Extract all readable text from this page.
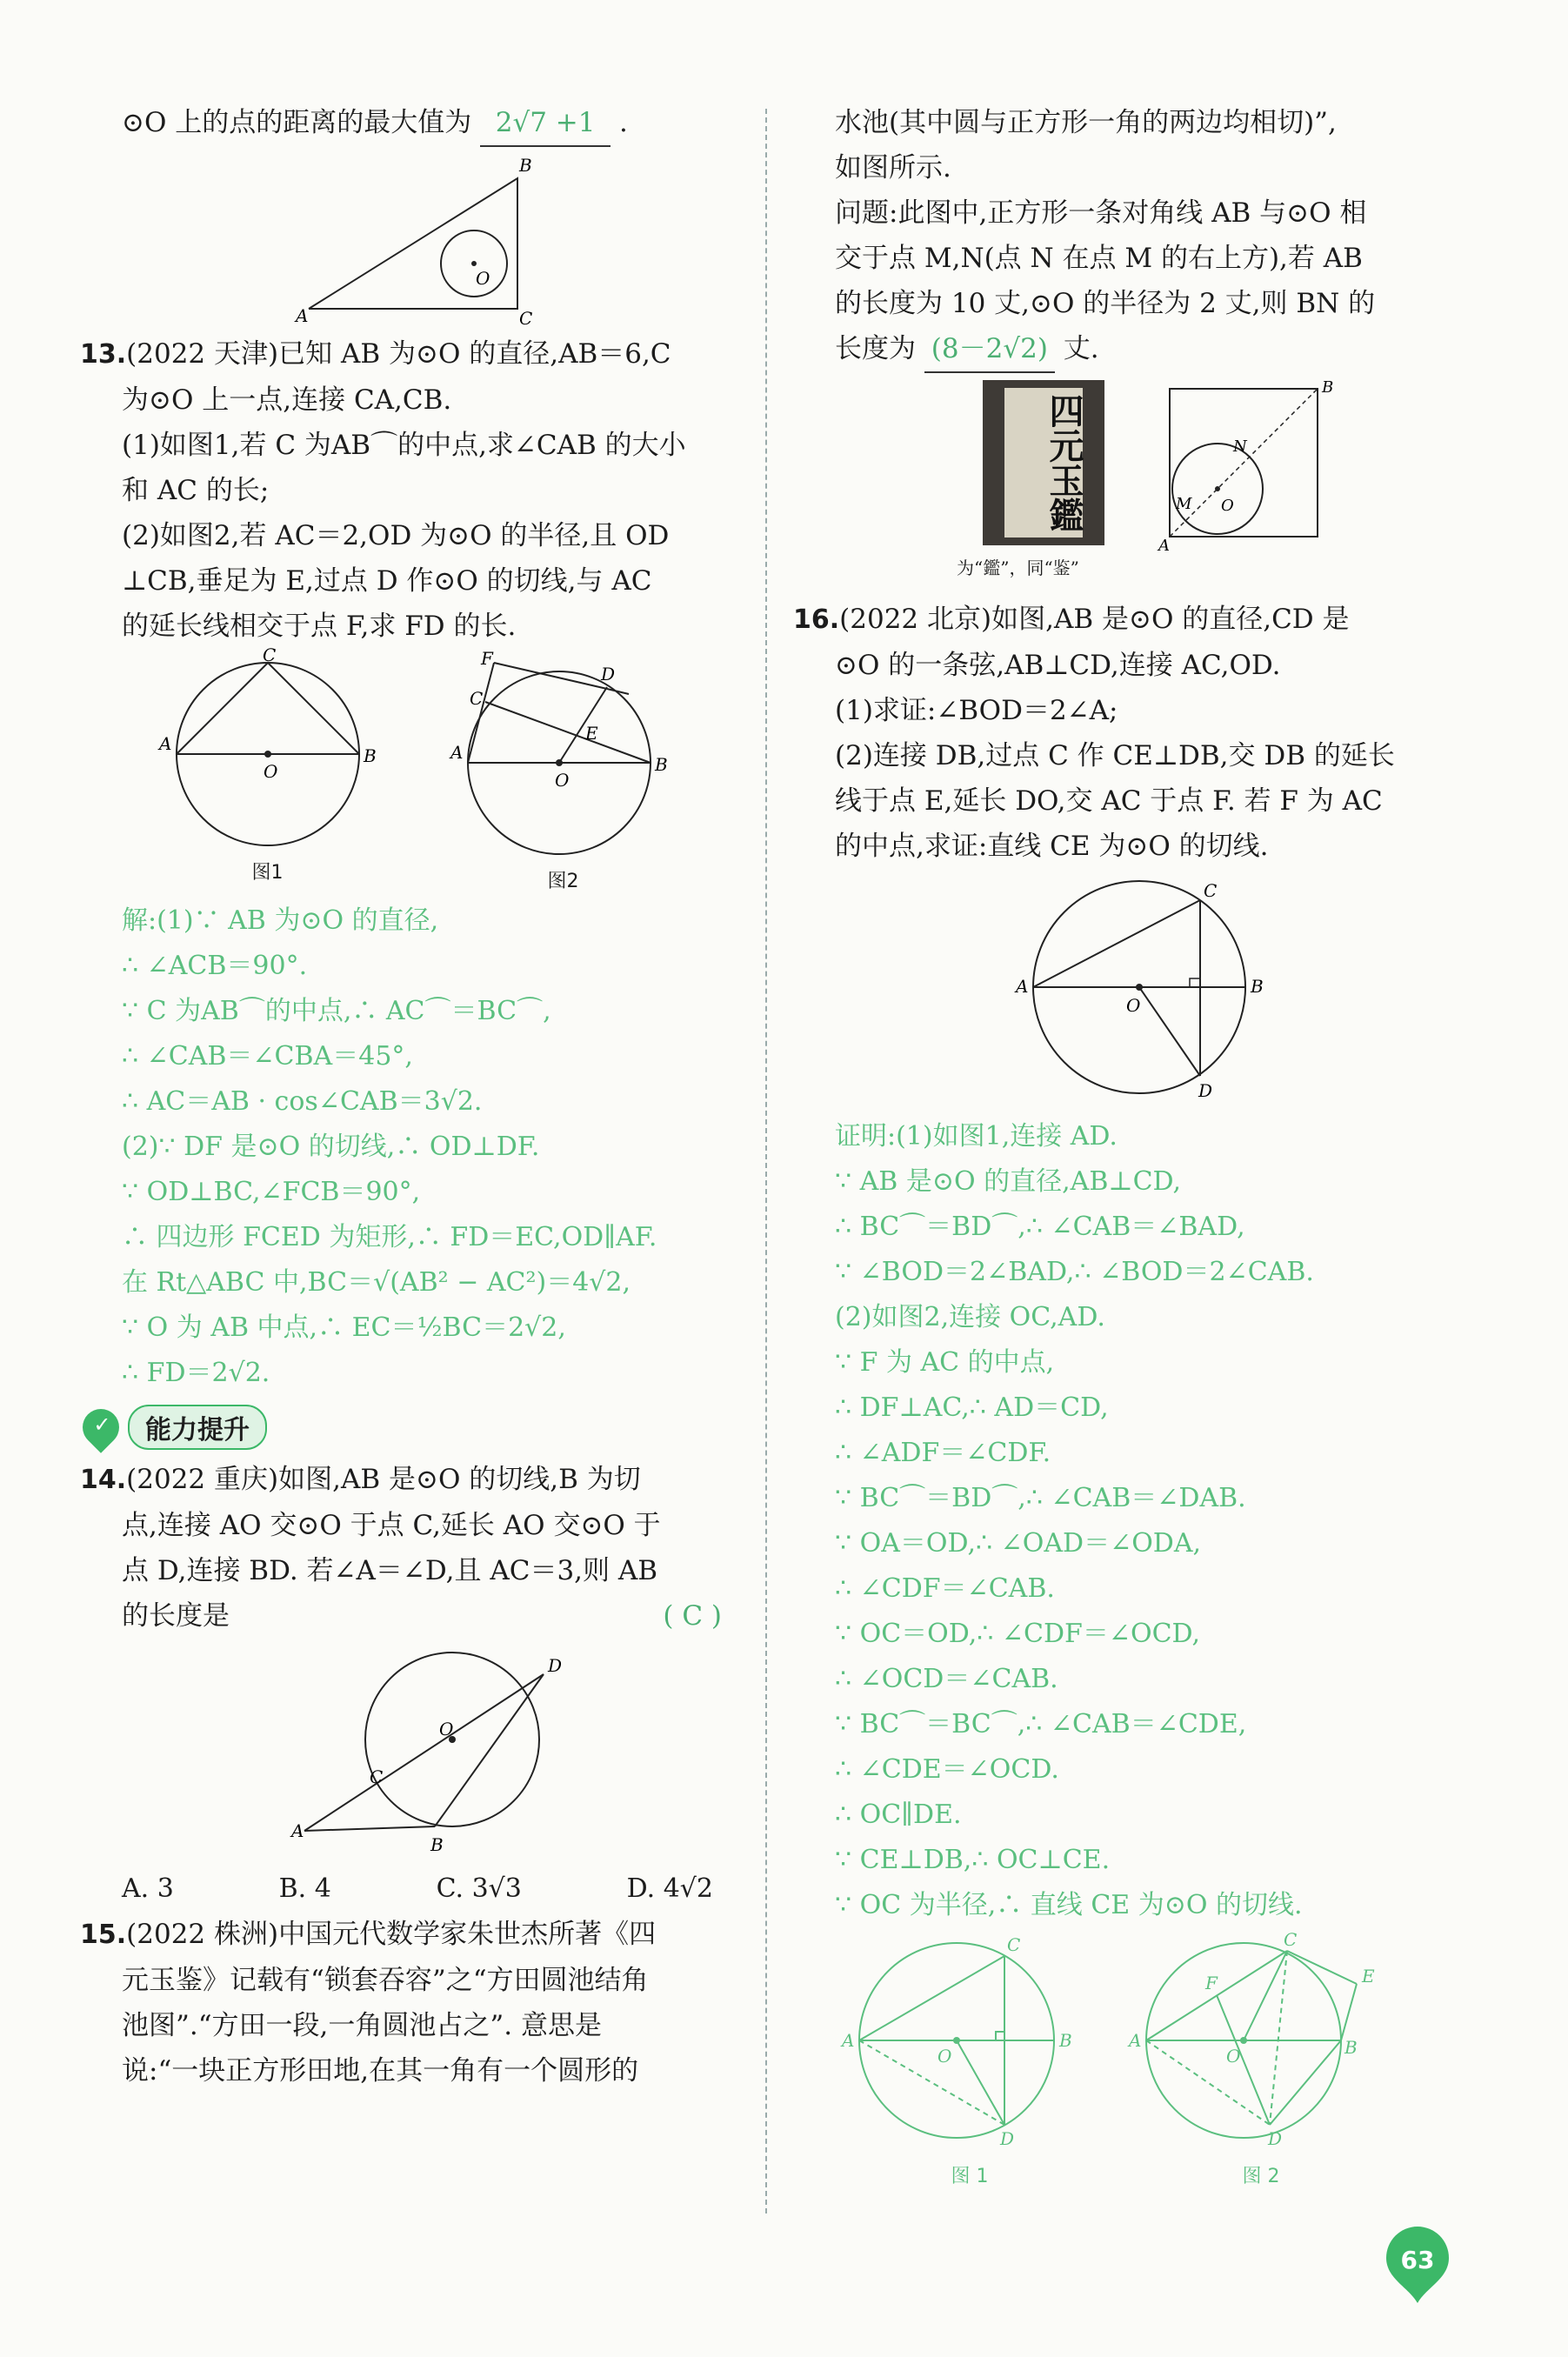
⊙O 上的点的距离的最大值为 2√7 +1 .

O
B
A	C

13.(2022 天津)已知 AB 为⊙O 的直径,AB＝6,C

为⊙O 上一点,连接 CA,CB.

(1)如图1,若 C 为AB⌒的中点,求∠CAB 的大小

和 AC 的长;

(2)如图2,若 AC＝2,OD 为⊙O 的半径,且 OD

⊥CB,垂足为 E,过点 D 作⊙O 的切线,与 AC

的延长线相交于点 F,求 FD 的长.

A
B
C
O
图1
A
B
C
D
E
F
O
图2

解:(1)∵ AB 为⊙O 的直径,

∴ ∠ACB＝90°.

∵ C 为AB⌒的中点,∴ AC⌒＝BC⌒,

∴ ∠CAB＝∠CBA＝45°,

∴ AC＝AB · cos∠CAB＝3√2.

(2)∵ DF 是⊙O 的切线,∴ OD⊥DF.

∵ OD⊥BC,∠FCB＝90°,

∴ 四边形 FCED 为矩形,∴ FD＝EC,OD∥AF.

在 Rt△ABC 中,BC＝√(AB² − AC²)＝4√2,

∵ O 为 AB 中点,∴ EC＝½BC＝2√2,

∴ FD＝2√2.

✓	能力提升

14.(2022 重庆)如图,AB 是⊙O 的切线,B 为切

点,连接 AO 交⊙O 于点 C,延长 AO 交⊙O 于

点 D,连接 BD. 若∠A＝∠D,且 AC＝3,则 AB

的长度是	( C )

O
A
B
C
D
A. 3	B. 4	C. 3√3	D. 4√2

15.(2022 株洲)中国元代数学家朱世杰所著《四

元玉鉴》记载有“锁套吞容”之“方田圆池结角

池图”.“方田一段,一角圆池占之”. 意思是

说:“一块正方形田地,在其一角有一个圆形的

水池(其中圆与正方形一角的两边均相切)”,

如图所示.

问题:此图中,正方形一条对角线 AB 与⊙O 相

交于点 M,N(点 N 在点 M 的右上方),若 AB

的长度为 10 丈,⊙O 的半径为 2 丈,则 BN 的

长度为 (8－2√2) 丈.

四元玉鑑
为“鑑”，同“鉴”
B
A
N
M O

16.(2022 北京)如图,AB 是⊙O 的直径,CD 是

⊙O 的一条弦,AB⊥CD,连接 AC,OD.

(1)求证:∠BOD＝2∠A;

(2)连接 DB,过点 C 作 CE⊥DB,交 DB 的延长

线于点 E,延长 DO,交 AC 于点 F. 若 F 为 AC

的中点,求证:直线 CE 为⊙O 的切线.

A	B
C
D
O

证明:(1)如图1,连接 AD.

∵ AB 是⊙O 的直径,AB⊥CD,

∴ BC⌒＝BD⌒,∴ ∠CAB＝∠BAD,

∵ ∠BOD＝2∠BAD,∴ ∠BOD＝2∠CAB.

(2)如图2,连接 OC,AD.

∵ F 为 AC 的中点,

∴ DF⊥AC,∴ AD＝CD,

∴ ∠ADF＝∠CDF.

∵ BC⌒＝BD⌒,∴ ∠CAB＝∠DAB.

∵ OA＝OD,∴ ∠OAD＝∠ODA,

∴ ∠CDF＝∠CAB.

∵ OC＝OD,∴ ∠CDF＝∠OCD,

∴ ∠OCD＝∠CAB.

∵ BC⌒＝BC⌒,∴ ∠CAB＝∠CDE,

∴ ∠CDE＝∠OCD.

∴ OC∥DE.

∵ CE⊥DB,∴ OC⊥CE.

∵ OC 为半径,∴ 直线 CE 为⊙O 的切线.

A	B
C
D
O
图 1
A	B
C
D
E
F
O
图 2
63
